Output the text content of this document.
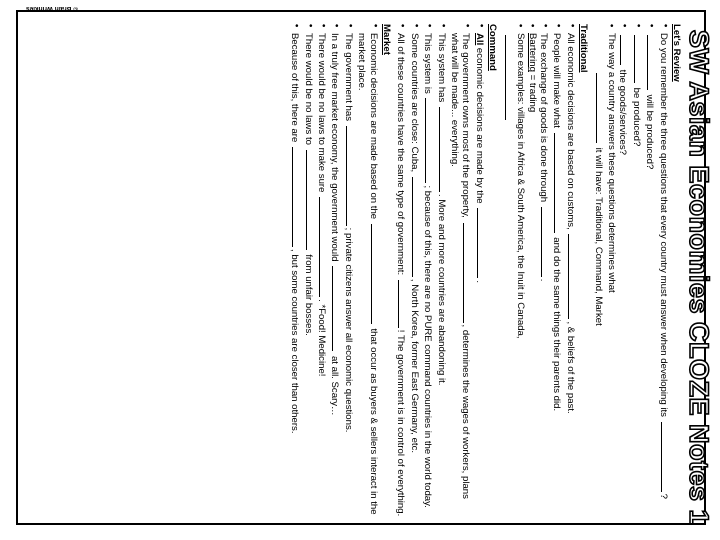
SW Asian Economies CLOZE Notes 1
Let's Review
• Do you remember the three questions that every country must answer when developing its ?
• will be produced?
• be produced?
• the goods/services?
• The way a country answers these questions determines what
it will have: Traditional, Command, Market
Traditional
• All economic decisions are based on customs, , & beliefs of the past.
• People will make what  and do the same things their parents did.
• The exchange of goods is done through .
• Bartering = trading
• Some examples: villages in Africa & South America, the Inuit in Canada,

Command
• All economic decisions are made by the .
• The government owns most of the property, , determines the wages of workers, plans what will be made... everything.
• This system has . More and more countries are abandoning it.
• This system is ; because of this, there are no PURE command countries in the world today.
• Some countries are close: Cuba, , North Korea, former East Germany, etc.
• All of these countries have the same type of government: ! The government is in control of everything.
Market
• Economic decisions are made based on the  that occur as buyers & sellers interact in the market place.
• The government has ; private citizens answer all economic questions.
• In a truly free market economy, the government would  at all. Scary…
• There would be no laws to make sure . *Food! Medicine!
• There would be no laws to  from unfair bosses.
• Because of this, there are , but some countries are closer than others.
© Brain Wrinkles
